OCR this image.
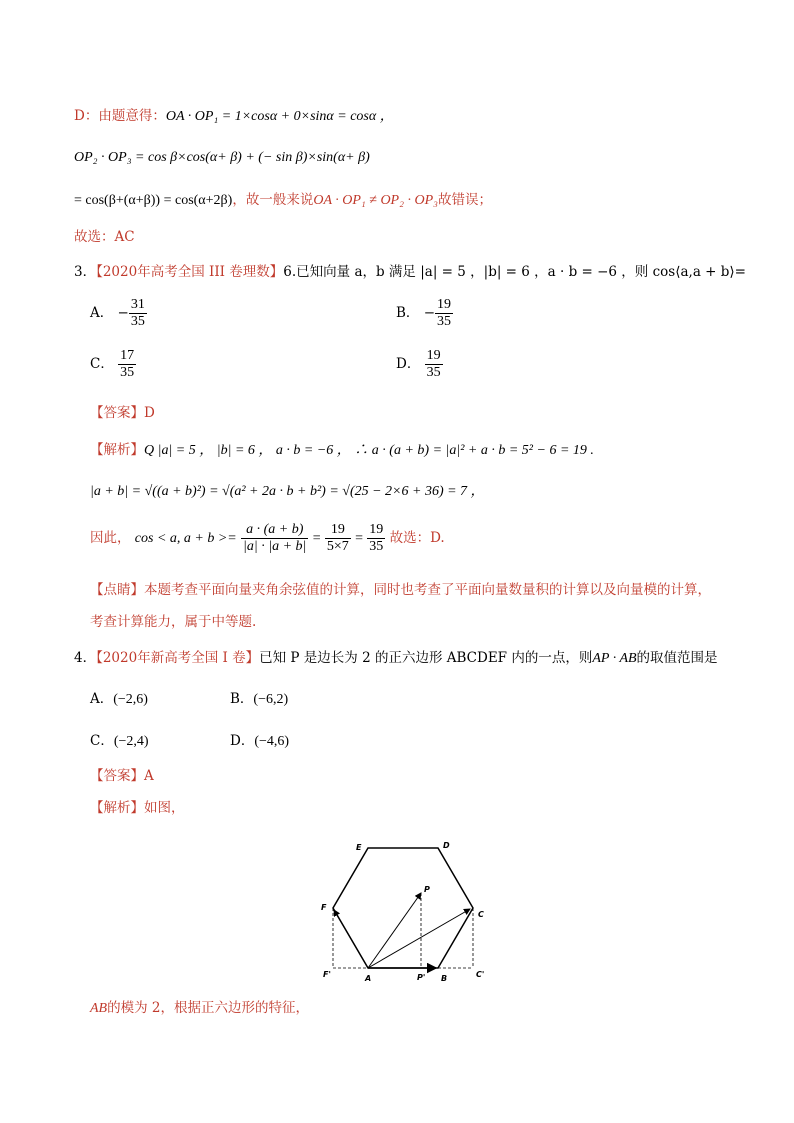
D：由题意得：OA · OP₁ = 1×cosα + 0×sinα = cosα ，
OP₂ · OP₃ = cos β×cos(α+ β) + (− sin β)×sin(α+ β)
= cos(β+(α+β)) = cos(α+2β)，故一般来说OA · OP₁ ≠ OP₂ · OP₃故错误；
故选：AC
3．【2020年高考全国 III 卷理数】6.已知向量 a，b 满足 |a| = 5 ，|b| = 6 ，a · b = −6 ，则 cos⟨a,a + b⟩=
A． − $\frac{31}{35}$	B． − $\frac{19}{35}$
C． $\frac{17}{35}$	D． $\frac{19}{35}$
【答案】D
【解析】Q |a| = 5 ， |b| = 6 ， a · b = −6 ， ∴ a · (a + b) = |a|² + a · b = 5² − 6 = 19 .
|a + b| = √((a + b)²) = √(a² + 2a · b + b²) = √(25 − 2×6 + 36) = 7 ，
因此， cos < a, $a + b >= \frac{a \cdot (a + b)}{|a| \cdot |a + b|} = \frac{19}{5\times 7} = \frac{19}{35}$ 故选：D.
【点睛】本题考查平面向量夹角余弦值的计算，同时也考查了平面向量数量积的计算以及向量模的计算，
考查计算能力，属于中等题.
4．【2020年新高考全国 I 卷】已知 P 是边长为 2 的正六边形 ABCDEF 内的一点，则AP · AB的取值范围是
A．(−2,6)	B．(−6,2)
C．(−2,4)	D．(−4,6)
【答案】A
【解析】如图，
E	D
F
C
P
A	B
F'	P'	C'
AB的模为 2，根据正六边形的特征，
